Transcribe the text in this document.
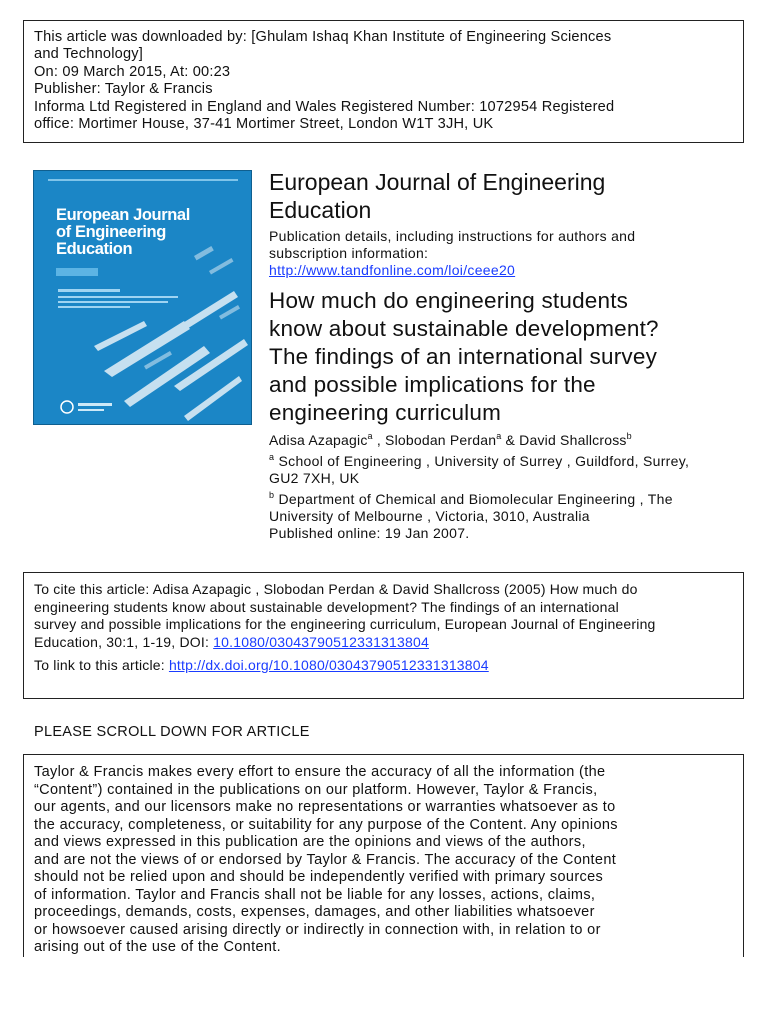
This article was downloaded by: [Ghulam Ishaq Khan Institute of Engineering Sciences
and Technology]
On: 09 March 2015, At: 00:23
Publisher: Taylor & Francis
Informa Ltd Registered in England and Wales Registered Number: 1072954 Registered
office: Mortimer House, 37-41 Mortimer Street, London W1T 3JH, UK
European Journal
of Engineering
Education
European Journal of Engineering
Education
Publication details, including instructions for authors and
subscription information:
http://www.tandfonline.com/loi/ceee20
How much do engineering students
know about sustainable development?
The findings of an international survey
and possible implications for the
engineering curriculum
Adisa Azapagic$^a$ , Slobodan Perdan$^a$ & David Shallcross$^b$
$^a$ School of Engineering , University of Surrey , Guildford, Surrey,
GU2 7XH, UK
$^b$ Department of Chemical and Biomolecular Engineering , The
University of Melbourne , Victoria, 3010, Australia
Published online: 19 Jan 2007.
To cite this article: Adisa Azapagic , Slobodan Perdan & David Shallcross (2005) How much do
engineering students know about sustainable development? The findings of an international
survey and possible implications for the engineering curriculum, European Journal of Engineering
Education, 30:1, 1-19, DOI: 10.1080/03043790512331313804
To link to this article: http://dx.doi.org/10.1080/03043790512331313804
PLEASE SCROLL DOWN FOR ARTICLE
Taylor & Francis makes every effort to ensure the accuracy of all the information (the
“Content”) contained in the publications on our platform. However, Taylor & Francis,
our agents, and our licensors make no representations or warranties whatsoever as to
the accuracy, completeness, or suitability for any purpose of the Content. Any opinions
and views expressed in this publication are the opinions and views of the authors,
and are not the views of or endorsed by Taylor & Francis. The accuracy of the Content
should not be relied upon and should be independently verified with primary sources
of information. Taylor and Francis shall not be liable for any losses, actions, claims,
proceedings, demands, costs, expenses, damages, and other liabilities whatsoever
or howsoever caused arising directly or indirectly in connection with, in relation to or
arising out of the use of the Content.
